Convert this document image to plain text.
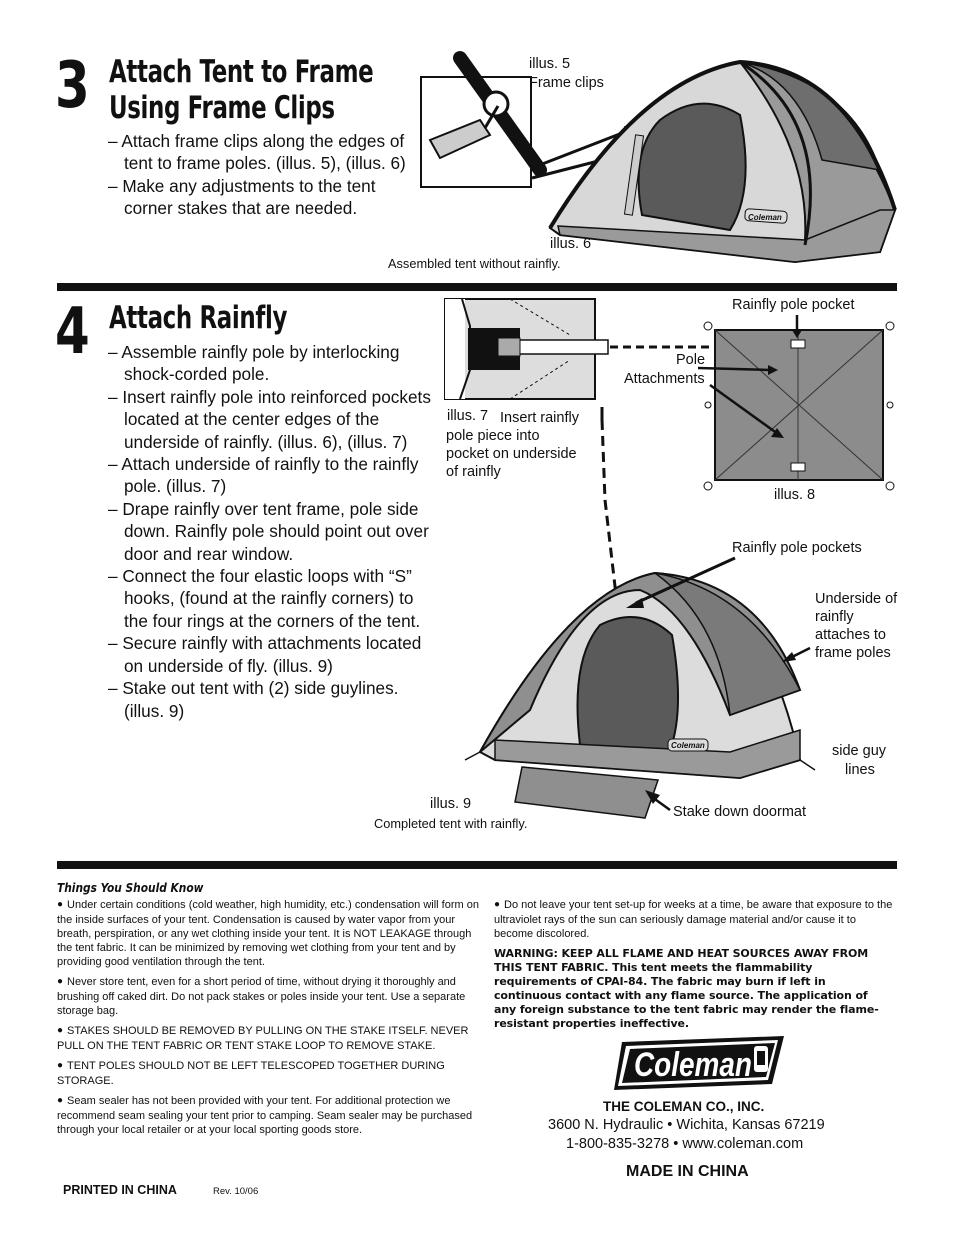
3 Attach Tent to Frame
Using Frame Clips
– Attach frame clips along the edges of tent to frame poles. (illus. 5), (illus. 6)
– Make any adjustments to the tent corner stakes that are needed.	Coleman
illus. 5
Frame clips
illus. 6
Assembled tent without rainfly.
4 Attach Rainfly
– Assemble rainfly pole by interlocking shock-corded pole.
– Insert rainfly pole into reinforced pockets located at the center edges of the underside of rainfly. (illus. 6), (illus. 7)
– Attach underside of rainfly to the rainfly pole. (illus. 7)
– Drape rainfly over tent frame, pole side down. Rainfly pole should point out over door and rear window.
– Connect the four elastic loops with “S” hooks, (found at the rainfly corners) to the four rings at the corners of the tent.
– Secure rainfly with attachments located on underside of fly. (illus. 9)
– Stake out tent with (2) side guylines. (illus. 9)
Coleman
illus. 7 Insert rainfly pole piece into pocket on underside of rainfly
Rainfly pole pocket
Pole
Attachments
illus. 8
Rainfly pole pockets
Underside of rainfly attaches to frame poles
side guy
lines
Stake down doormat
illus. 9
Completed tent with rainfly.
Things You Should Know

● Under certain conditions (cold weather, high humidity, etc.) condensation will form on the inside surfaces of your tent. Condensation is caused by water vapor from your breath, perspiration, or any wet clothing inside your tent. It is NOT LEAKAGE through the tent fabric. It can be minimized by removing wet clothing from your tent and by providing good ventilation through the tent.

● Never store tent, even for a short period of time, without drying it thoroughly and brushing off caked dirt. Do not pack stakes or poles inside your tent. Use a separate storage bag.

● STAKES SHOULD BE REMOVED BY PULLING ON THE STAKE ITSELF. NEVER PULL ON THE TENT FABRIC OR TENT STAKE LOOP TO REMOVE STAKE.

● TENT POLES SHOULD NOT BE LEFT TELESCOPED TOGETHER DURING STORAGE.

● Seam sealer has not been provided with your tent. For additional protection we recommend seam sealing your tent prior to camping. Seam sealer may be purchased through your local retailer or at your local sporting goods store.

● Do not leave your tent set-up for weeks at a time, be aware that exposure to the ultraviolet rays of the sun can seriously damage material and/or cause it to become discolored.

WARNING: KEEP ALL FLAME AND HEAT SOURCES AWAY FROM THIS TENT FABRIC. This tent meets the flammability requirements of CPAI-84. The fabric may burn if left in continuous contact with any flame source. The application of any foreign substance to the tent fabric may render the flame-resistant properties ineffective.
Coleman
THE COLEMAN CO., INC.
3600 N. Hydraulic • Wichita, Kansas 67219
1-800-835-3278 • www.coleman.com
MADE IN CHINA
PRINTED IN CHINA	Rev. 10/06
